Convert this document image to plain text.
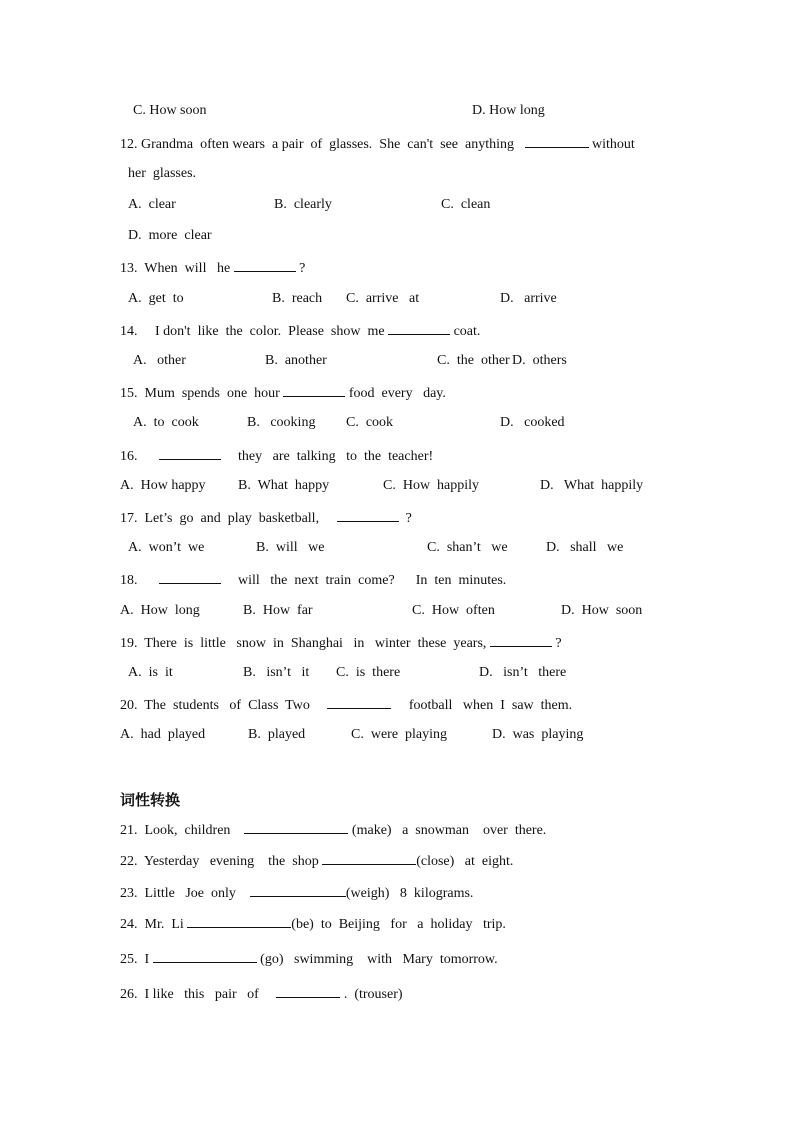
C. How soon	D. How long
12. Grandma  often wears  a pair  of  glasses.  She  can't  see  anything	without
her  glasses.
A.  clear	B.  clearly	C.  clean
D.  more  clear
13.  When  will   he	?
A.  get  to	B.  reach C.  arrive   at	D.   arrive
14.     I don't  like  the  color.  Please  show  me	coat.
A.   other	B.  another	C.  the  other D.  others
15.  Mum  spends  one  hour	food  every   day.
A.  to  cook	B.   cooking C.  cook	D.   cooked
16.	they   are  talking   to  the  teacher!
A.  How happy B.  What  happy	C.  How  happily	D.   What  happily
17.  Let’s  go  and  play  basketball,	?
A.  won’t  we	B.  will   we	C.  shan’t   we	D.   shall   we
18.	will   the  next  train  come? In  ten  minutes.
A.  How  long	B.  How  far	C.  How  often	D.  How  soon
19.  There  is  little   snow  in  Shanghai   in   winter  these  years,	?
A.  is  it	B.   isn’t   it C.  is  there	D.   isn’t   there
20.  The  students   of  Class  Two	football   when  I  saw  them.
A.  had  played	B.  played	C.  were  playing	D.  was  playing
词性转换
21.  Look,  children	(make)   a  snowman    over  there.
22.  Yesterday   evening    the  shop	(close)   at  eight.
23.  Little   Joe  only	(weigh)   8  kilograms.
24.  Mr.  Li	(be)  to  Beijing   for   a  holiday   trip.
25.  I	(go)   swimming    with   Mary  tomorrow.
26.  I like   this   pair   of	.  (trouser)
